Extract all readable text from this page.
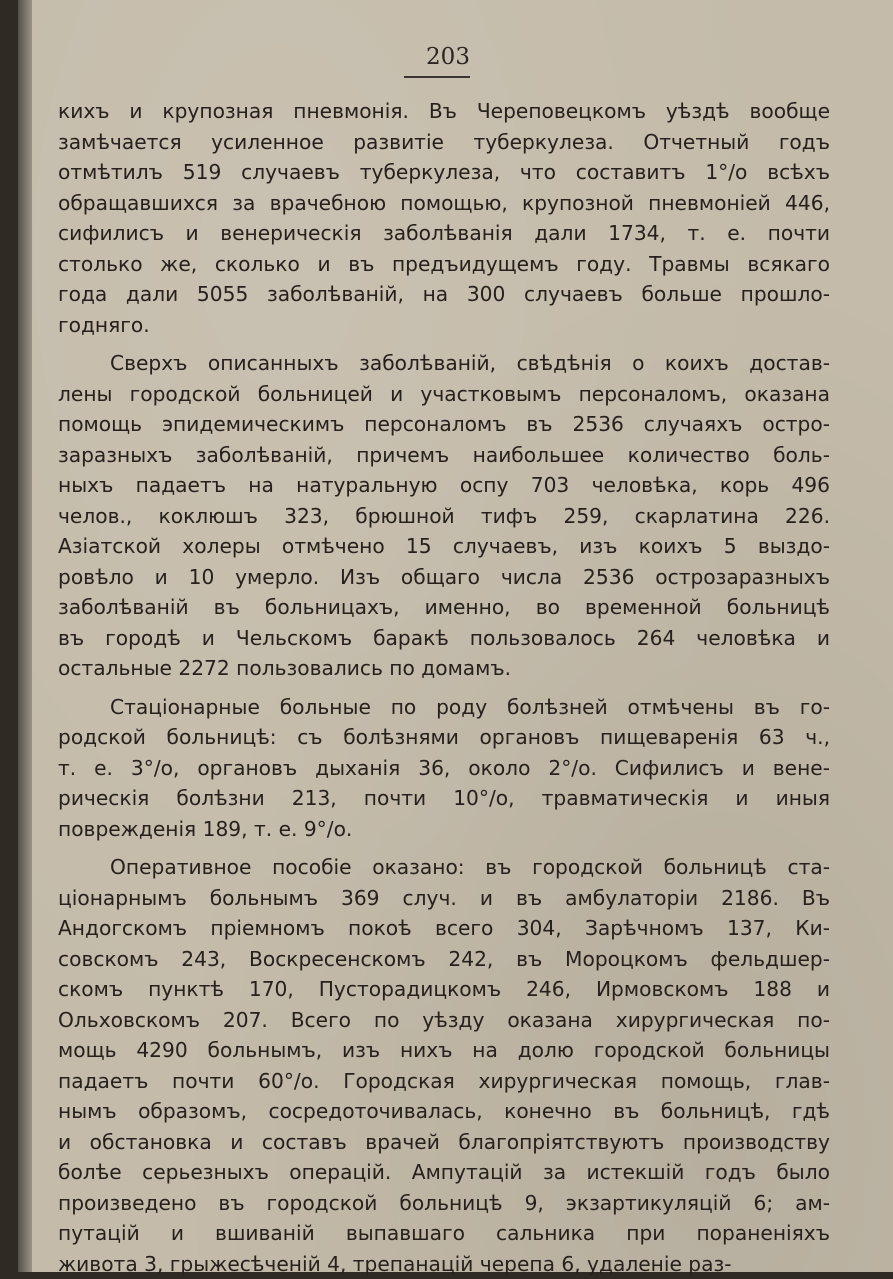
203
кихъ и крупозная пневмонія. Въ Череповецкомъ уѣздѣ вообще
замѣчается усиленное развитіе туберкулеза. Отчетный годъ
отмѣтилъ 519 случаевъ туберкулеза, что составитъ 1°/о всѣхъ
обращавшихся за врачебною помощью, крупозной пневмоніей 446,
сифилисъ и венерическія заболѣванія дали 1734, т. е. почти
столько же, сколько и въ предъидущемъ году. Травмы всякаго
года дали 5055 заболѣваній, на 300 случаевъ больше прошло-
годняго.
Сверхъ описанныхъ заболѣваній, свѣдѣнія о коихъ достав-
лены городской больницей и участковымъ персоналомъ, оказана
помощь эпидемическимъ персоналомъ въ 2536 случаяхъ остро-
заразныхъ заболѣваній, причемъ наибольшее количество боль-
ныхъ падаетъ на натуральную оспу 703 человѣка, корь 496
челов., коклюшъ 323, брюшной тифъ 259, скарлатина 226.
Азіатской холеры отмѣчено 15 случаевъ, изъ коихъ 5 выздо-
ровѣло и 10 умерло. Изъ общаго числа 2536 острозаразныхъ
заболѣваній въ больницахъ, именно, во временной больницѣ
въ городѣ и Чельскомъ баракѣ пользовалось 264 человѣка и
остальные 2272 пользовались по домамъ.
Стаціонарные больные по роду болѣзней отмѣчены въ го-
родской больницѣ: съ болѣзнями органовъ пищеваренія 63 ч.,
т. е. 3°/о, органовъ дыханія 36, около 2°/о. Сифилисъ и вене-
рическія болѣзни 213, почти 10°/о, травматическія и иныя
поврежденія 189, т. е. 9°/о.
Оперативное пособіе оказано: въ городской больницѣ ста-
ціонарнымъ больнымъ 369 случ. и въ амбулаторіи 2186. Въ
Андогскомъ пріемномъ покоѣ всего 304, Зарѣчномъ 137, Ки-
совскомъ 243, Воскресенскомъ 242, въ Мороцкомъ фельдшер-
скомъ пунктѣ 170, Пусторадицкомъ 246, Ирмовскомъ 188 и
Ольховскомъ 207. Всего по уѣзду оказана хирургическая по-
мощь 4290 больнымъ, изъ нихъ на долю городской больницы
падаетъ почти 60°/о. Городская хирургическая помощь, глав-
нымъ образомъ, сосредоточивалась, конечно въ больницѣ, гдѣ
и обстановка и составъ врачей благопріятствуютъ производству
болѣе серьезныхъ операцій. Ампутацій за истекшій годъ было
произведено въ городской больницѣ 9, экзартикуляцій 6; ам-
путацій и вшиваній выпавшаго сальника при пораненіяхъ
живота 3, грыжесѣченій 4, трепанацій черепа 6, удаленіе раз-
